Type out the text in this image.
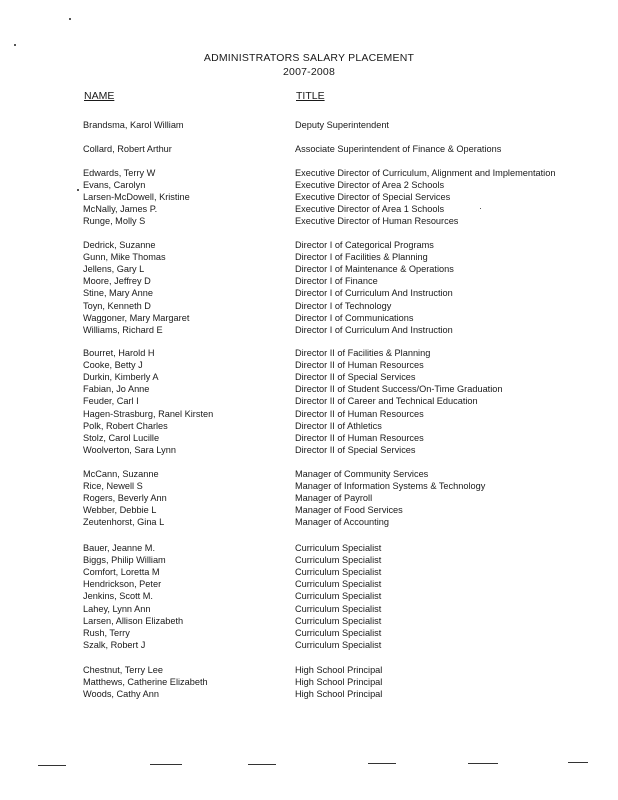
ADMINISTRATORS SALARY PLACEMENT
2007-2008
NAME	TITLE
Brandsma, Karol William	Deputy Superintendent
Collard, Robert Arthur	Associate Superintendent of Finance & Operations
Edwards, Terry W	Executive Director of Curriculum, Alignment and Implementation
Evans, Carolyn	Executive Director of Area 2 Schools
Larsen-McDowell, Kristine	Executive Director of Special Services
McNally, James P.	Executive Director of Area 1 Schools
Runge, Molly S	Executive Director of Human Resources
Dedrick, Suzanne	Director I of Categorical Programs
Gunn, Mike Thomas	Director I of Facilities & Planning
Jellens, Gary L	Director I of Maintenance & Operations
Moore, Jeffrey D	Director I of Finance
Stine, Mary Anne	Director I of Curriculum And Instruction
Toyn, Kenneth D	Director I of Technology
Waggoner, Mary Margaret	Director I of Communications
Williams, Richard E	Director I of Curriculum And Instruction
Bourret, Harold H	Director II of Facilities & Planning
Cooke, Betty J	Director II of Human Resources
Durkin, Kimberly A	Director II of Special Services
Fabian, Jo Anne	Director II of Student Success/On-Time Graduation
Feuder, Carl I	Director II of Career and Technical Education
Hagen-Strasburg, Ranel Kirsten	Director II of Human Resources
Polk, Robert Charles	Director II of Athletics
Stolz, Carol Lucille	Director II of Human Resources
Woolverton, Sara Lynn	Director II of Special Services
McCann, Suzanne	Manager of Community Services
Rice, Newell S	Manager of Information Systems & Technology
Rogers, Beverly Ann	Manager of Payroll
Webber, Debbie L	Manager of Food Services
Zeutenhorst, Gina L	Manager of Accounting
Bauer, Jeanne M.	Curriculum Specialist
Biggs, Philip William	Curriculum Specialist
Comfort, Loretta M	Curriculum Specialist
Hendrickson, Peter	Curriculum Specialist
Jenkins, Scott M.	Curriculum Specialist
Lahey, Lynn Ann	Curriculum Specialist
Larsen, Allison Elizabeth	Curriculum Specialist
Rush, Terry	Curriculum Specialist
Szalk, Robert J	Curriculum Specialist
Chestnut, Terry Lee	High School Principal
Matthews, Catherine Elizabeth	High School Principal
Woods, Cathy Ann	High School Principal
